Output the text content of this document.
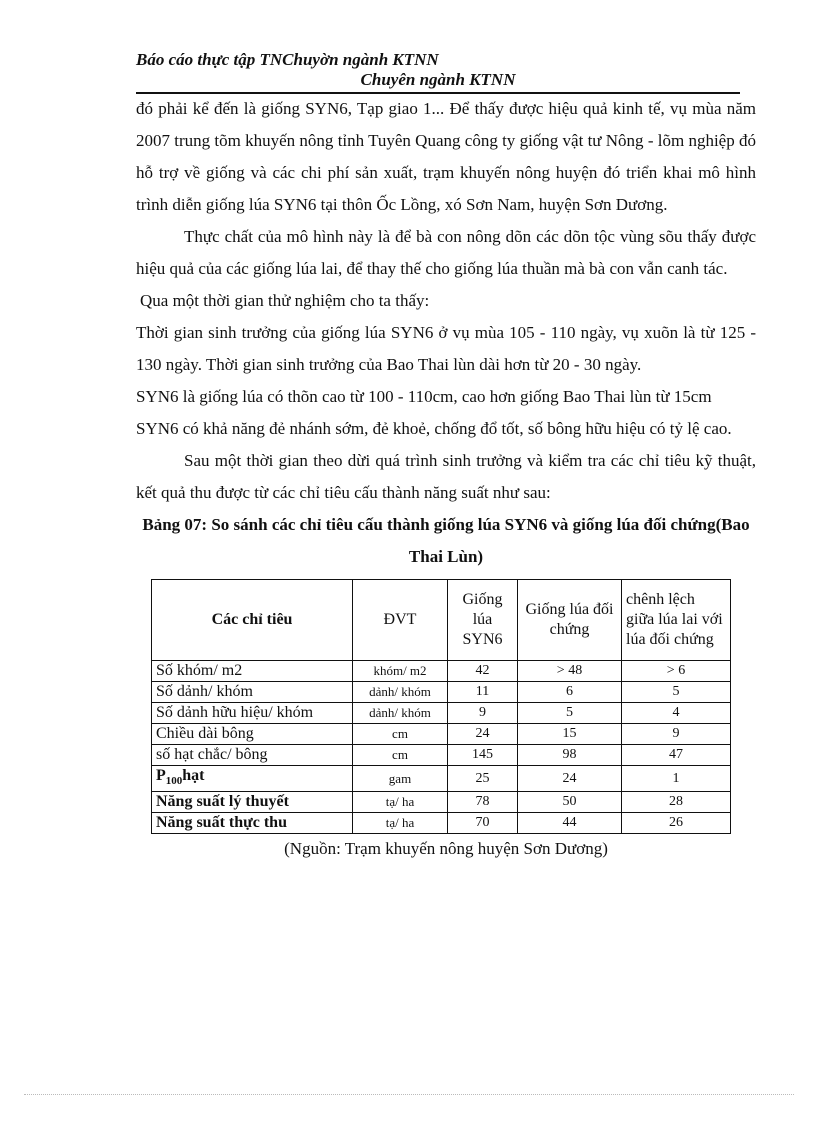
Báo cáo thực tập TNChuyờn ngành KTNN
Chuyên ngành KTNN

đó phải kể đến là giống SYN6, Tạp giao 1... Để thấy được hiệu quả kinh tế, vụ mùa năm 2007 trung tõm khuyến nông tỉnh Tuyên Quang công ty giống vật tư Nông - lõm nghiệp đó hỗ trợ về giống và các chi phí sản xuất, trạm khuyến nông huyện đó triển khai mô hình trình diễn giống lúa SYN6 tại thôn Ốc Lồng, xó Sơn Nam, huyện Sơn Dương.

Thực chất của mô hình này là để bà con nông dõn các dõn tộc vùng sõu thấy được hiệu quả của các giống lúa lai, để thay thế cho giống lúa thuần mà bà con vẫn canh tác.

Qua một thời gian thử nghiệm cho ta thấy:

Thời gian sinh trưởng của giống lúa SYN6 ở vụ mùa 105 - 110 ngày, vụ xuõn là từ 125 - 130 ngày. Thời gian sinh trưởng của Bao Thai lùn dài hơn từ 20 - 30 ngày.

SYN6 là giống lúa có thõn cao từ 100 - 110cm, cao hơn giống Bao Thai lùn từ 15cm

SYN6 có khả năng đẻ nhánh sớm, đẻ khoẻ, chống đổ tốt, số bông hữu hiệu có tỷ lệ cao.

Sau một thời gian theo dừi quá trình sinh trưởng và kiểm tra các chỉ tiêu kỹ thuật, kết quả thu được từ các chỉ tiêu cấu thành năng suất như sau:

Bảng 07: So sánh các chỉ tiêu cấu thành giống lúa SYN6 và giống lúa đối chứng(Bao Thai Lùn)

Các chỉ tiêu	ĐVT	Giống lúa SYN6	Giống lúa đối chứng	chênh lệch giữa lúa lai với lúa đối chứng
Số khóm/ m2	khóm/ m2	42	> 48	> 6
Số dảnh/ khóm	dảnh/ khóm	11	6	5
Số dảnh hữu hiệu/ khóm	dảnh/ khóm	9	5	4
Chiều dài bông	cm	24	15	9
số hạt chắc/ bông	cm	145	98	47
$P_{100}hạt$	gam	25	24	1
Năng suất lý thuyết	tạ/ ha	78	50	28
Năng suất thực thu	tạ/ ha	70	44	26

(Nguồn: Trạm khuyến nông huyện Sơn Dương)
